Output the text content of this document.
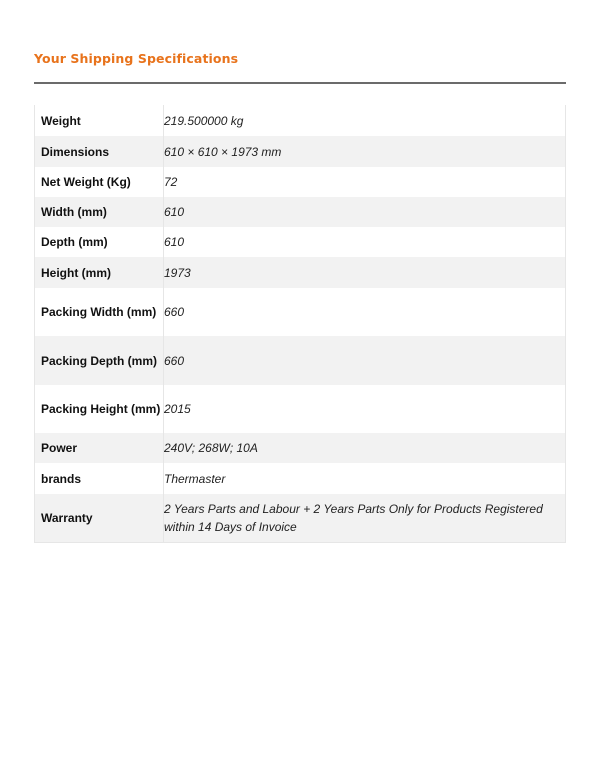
Your Shipping Specifications
Weight	219.500000 kg
Dimensions	610 × 610 × 1973 mm
Net Weight (Kg)	72
Width (mm)	610
Depth (mm)	610
Height (mm)	1973
Packing Width (mm)	660
Packing Depth (mm)	660
Packing Height (mm)	2015
Power	240V; 268W; 10A
brands	Thermaster
Warranty	2 Years Parts and Labour + 2 Years Parts Only for Products Registered within 14 Days of Invoice
